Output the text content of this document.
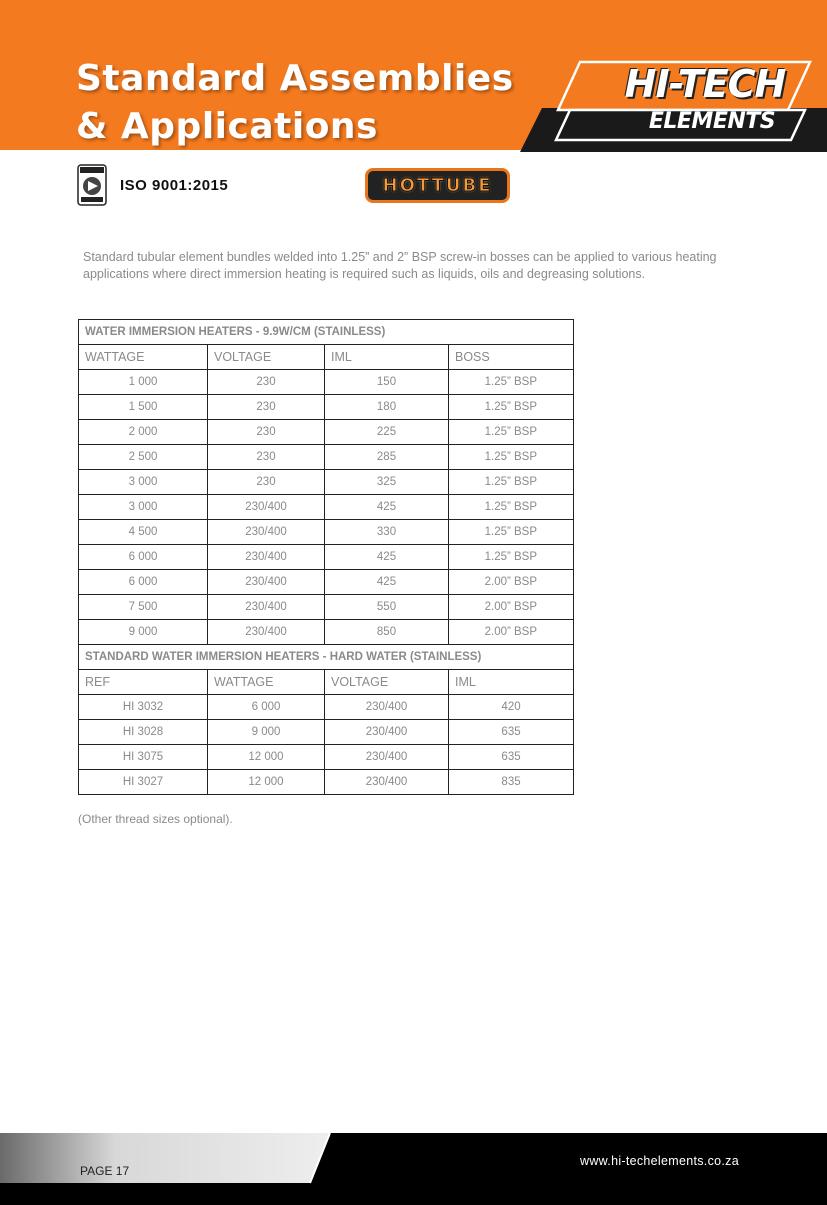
Standard Assemblies
& Applications
HI-TECH
ELEMENTS
ISO 9001:2015	HOTTUBE

Standard tubular element bundles welded into 1.25” and 2” BSP screw-in bosses can be applied to various heating applications where direct immersion heating is required such as liquids, oils and degreasing solutions.

WATER IMMERSION HEATERS - 9.9W/CM (STAINLESS)			
WATTAGE	VOLTAGE	IML	BOSS
1 000	230	150	1.25” BSP
1 500	230	180	1.25” BSP
2 000	230	225	1.25” BSP
2 500	230	285	1.25” BSP
3 000	230	325	1.25” BSP
3 000	230/400	425	1.25” BSP
4 500	230/400	330	1.25” BSP
6 000	230/400	425	1.25” BSP
6 000	230/400	425	2.00” BSP
7 500	230/400	550	2.00” BSP
9 000	230/400	850	2.00” BSP
STANDARD WATER IMMERSION HEATERS - HARD WATER (STAINLESS)			
REF	WATTAGE	VOLTAGE	IML
HI 3032	6 000	230/400	420
HI 3028	9 000	230/400	635
HI 3075	12 000	230/400	635
HI 3027	12 000	230/400	835

(Other thread sizes optional).

PAGE 17
www.hi-techelements.co.za
